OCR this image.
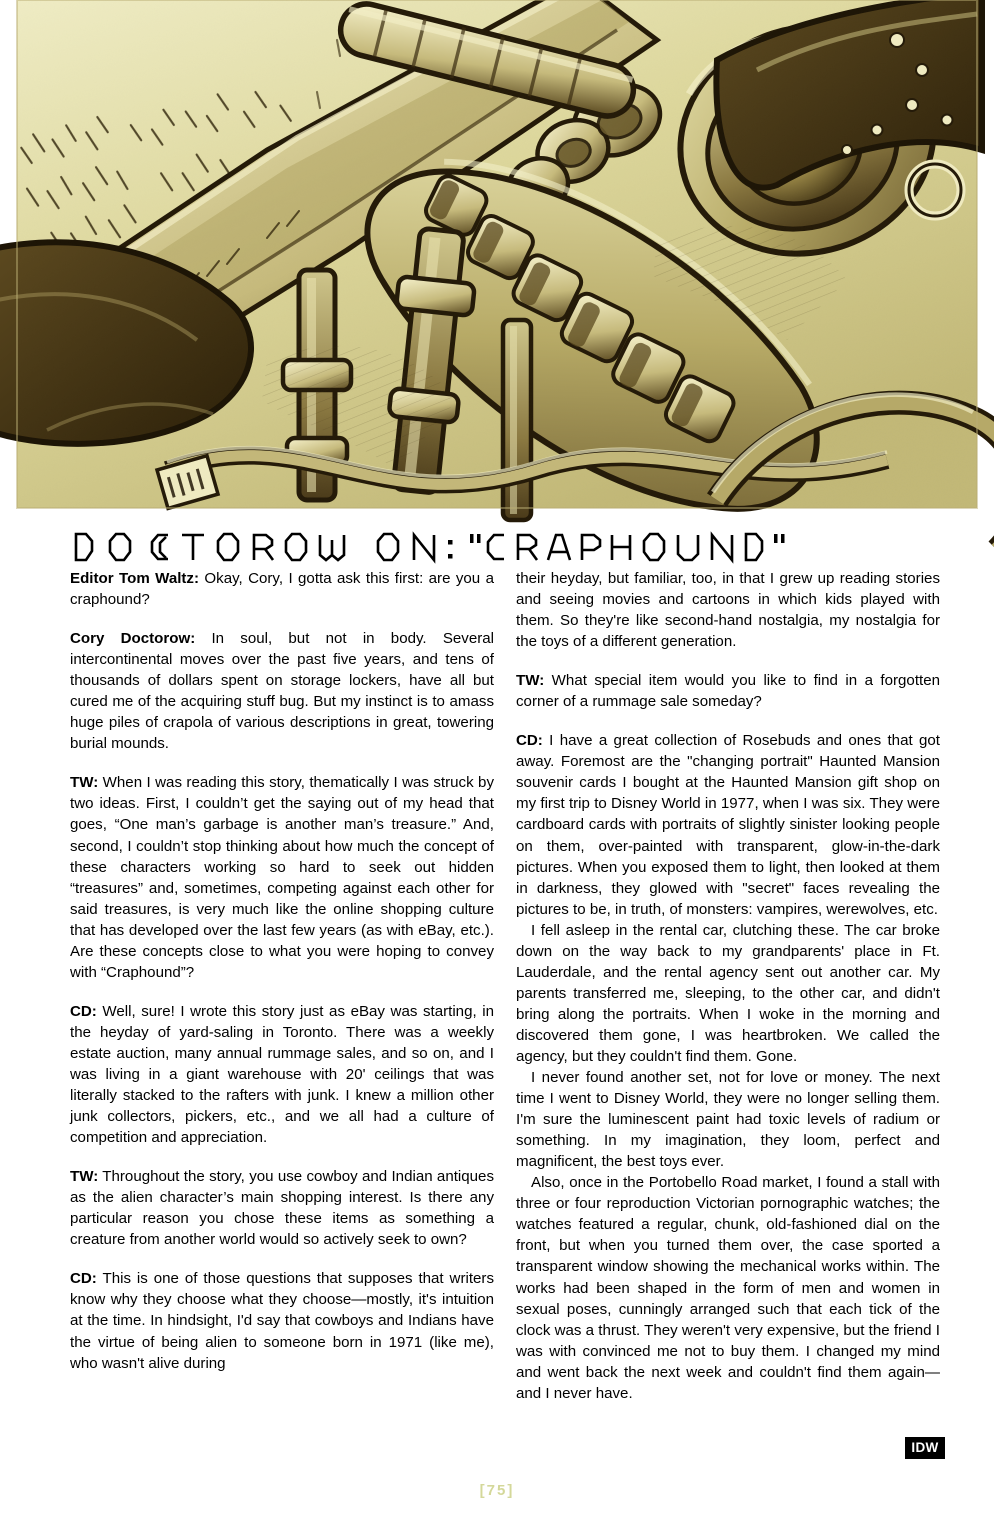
Editor Tom Waltz: Okay, Cory, I gotta ask this first: are you a craphound?

Cory Doctorow: In soul, but not in body. Several intercontinental moves over the past five years, and tens of thousands of dollars spent on storage lockers, have all but cured me of the acquiring stuff bug. But my instinct is to amass huge piles of crapola of various descriptions in great, towering burial mounds.

TW: When I was reading this story, thematically I was struck by two ideas. First, I couldn’t get the saying out of my head that goes, “One man’s garbage is another man’s treasure.” And, second, I couldn’t stop thinking about how much the concept of these characters working so hard to seek out hidden “treasures” and, sometimes, competing against each other for said treasures, is very much like the online shopping culture that has developed over the last few years (as with eBay, etc.). Are these concepts close to what you were hoping to convey with “Craphound”?

CD: Well, sure! I wrote this story just as eBay was starting, in the heyday of yard-saling in Toronto. There was a weekly estate auction, many annual rummage sales, and so on, and I was living in a giant warehouse with 20' ceilings that was literally stacked to the rafters with junk. I knew a million other junk collectors, pickers, etc., and we all had a culture of competition and appreciation.

TW: Throughout the story, you use cowboy and Indian antiques as the alien character’s main shopping interest. Is there any particular reason you chose these items as something a creature from another world would so actively seek to own?

CD: This is one of those questions that supposes that writers know why they choose what they choose—mostly, it's intuition at the time. In hindsight, I'd say that cowboys and Indians have the virtue of being alien to someone born in 1971 (like me), who wasn't alive during

their heyday, but familiar, too, in that I grew up reading stories and seeing movies and cartoons in which kids played with them. So they're like second-hand nostalgia, my nostalgia for the toys of a different generation.

TW: What special item would you like to find in a forgotten corner of a rummage sale someday?

CD: I have a great collection of Rosebuds and ones that got away. Foremost are the "changing portrait" Haunted Mansion souvenir cards I bought at the Haunted Mansion gift shop on my first trip to Disney World in 1977, when I was six. They were cardboard cards with portraits of slightly sinister looking people on them, over-painted with transparent, glow-in-the-dark pictures. When you exposed them to light, then looked at them in darkness, they glowed with "secret" faces revealing the pictures to be, in truth, of monsters: vampires, werewolves, etc.

I fell asleep in the rental car, clutching these. The car broke down on the way back to my grandparents' place in Ft. Lauderdale, and the rental agency sent out another car. My parents transferred me, sleeping, to the other car, and didn't bring along the portraits. When I woke in the morning and discovered them gone, I was heartbroken. We called the agency, but they couldn't find them. Gone.

I never found another set, not for love or money. The next time I went to Disney World, they were no longer selling them. I'm sure the luminescent paint had toxic levels of radium or something. In my imagination, they loom, perfect and magnificent, the best toys ever.

Also, once in the Portobello Road market, I found a stall with three or four reproduction Victorian pornographic watches; the watches featured a regular, chunk, old-fashioned dial on the front, but when you turned them over, the case sported a transparent window showing the mechanical works within. The works had been shaped in the form of men and women in sexual poses, cunningly arranged such that each tick of the clock was a thrust. They weren't very expensive, but the friend I was with convinced me not to buy them. I changed my mind and went back the next week and couldn't find them again—and I never have.

IDW
[75]
